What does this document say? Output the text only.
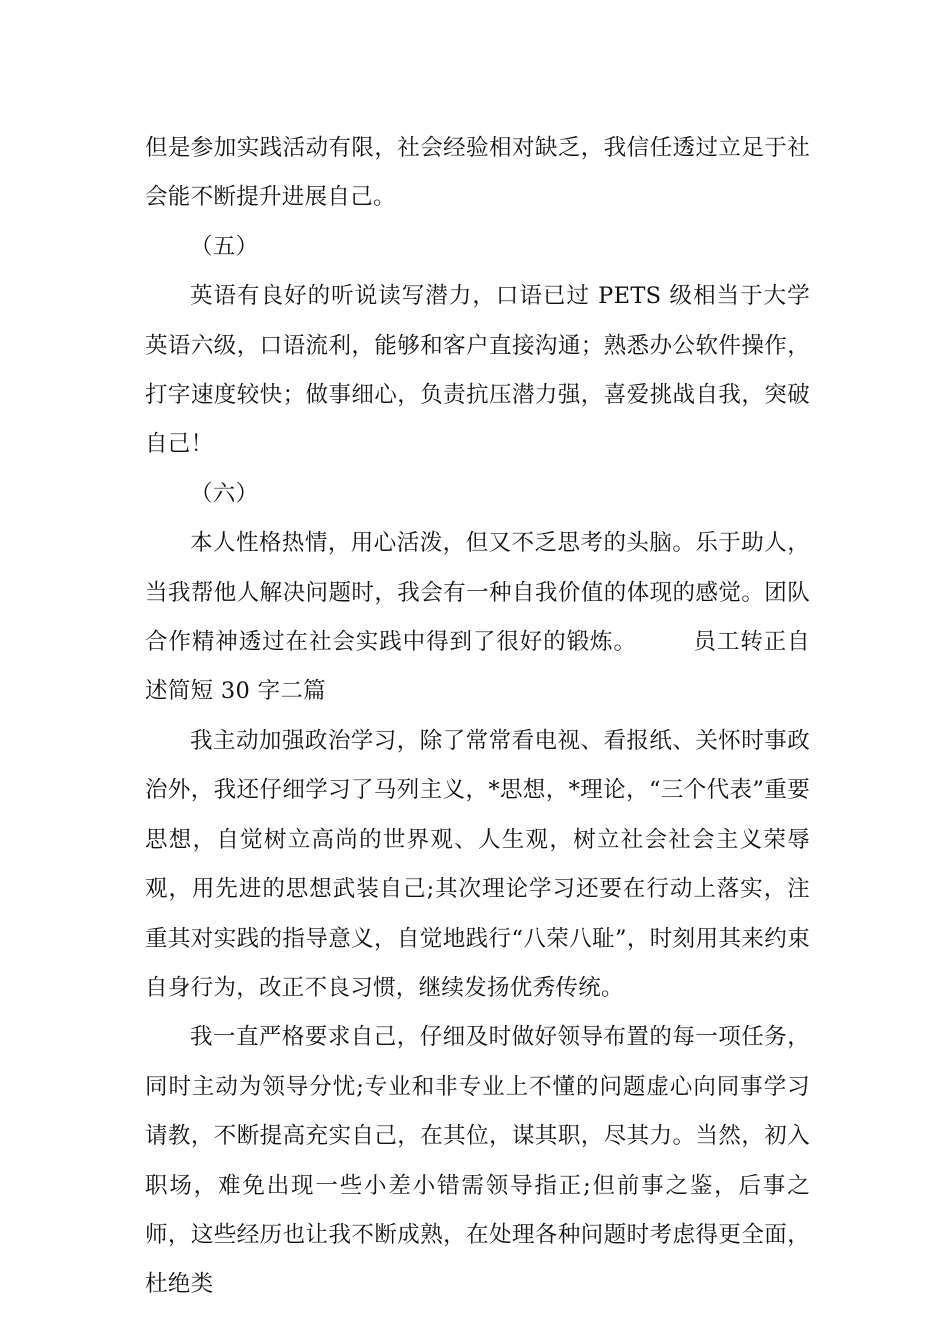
但是参加实践活动有限，社会经验相对缺乏，我信任透过立足于社会能不断提升进展自己。

（五）

英语有良好的听说读写潜力，口语已过 PETS 级相当于大学英语六级，口语流利，能够和客户直接沟通；熟悉办公软件操作，打字速度较快；做事细心，负责抗压潜力强，喜爱挑战自我，突破自己！

（六）

本人性格热情，用心活泼，但又不乏思考的头脑。乐于助人，当我帮他人解决问题时，我会有一种自我价值的体现的感觉。团队合作精神透过在社会实践中得到了很好的锻炼。 员工转正自述简短 30 字二篇

我主动加强政治学习，除了常常看电视、看报纸、关怀时事政治外，我还仔细学习了马列主义，*思想，*理论，“三个代表”重要思想，自觉树立高尚的世界观、人生观，树立社会社会主义荣辱观，用先进的思想武装自己;其次理论学习还要在行动上落实，注重其对实践的指导意义，自觉地践行“八荣八耻”，时刻用其来约束自身行为，改正不良习惯，继续发扬优秀传统。

我一直严格要求自己，仔细及时做好领导布置的每一项任务，同时主动为领导分忧;专业和非专业上不懂的问题虚心向同事学习请教，不断提高充实自己，在其位，谋其职，尽其力。当然，初入职场，难免出现一些小差小错需领导指正;但前事之鉴，后事之师，这些经历也让我不断成熟，在处理各种问题时考虑得更全面，杜绝类
